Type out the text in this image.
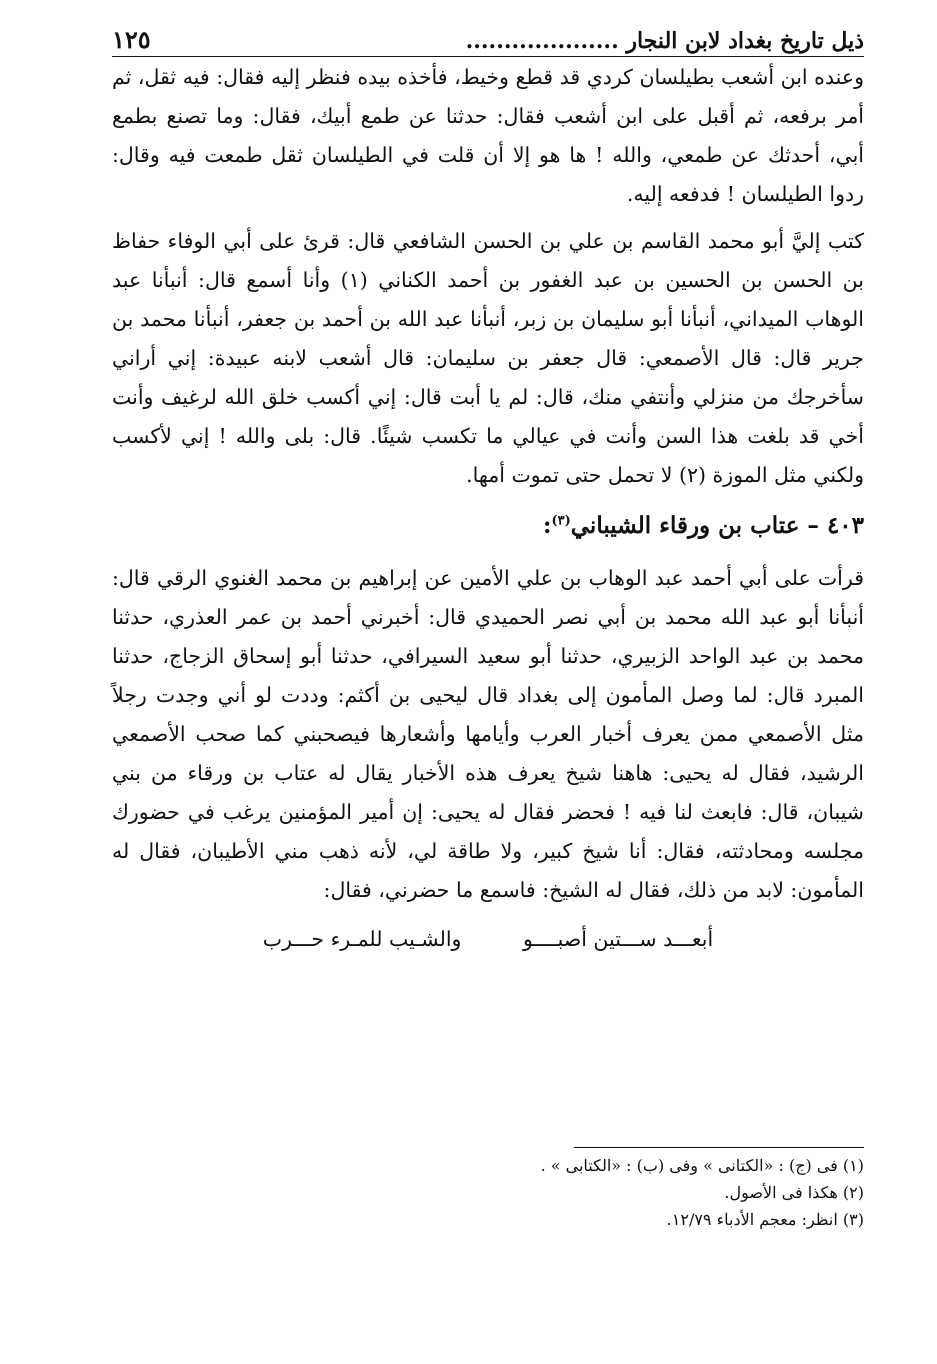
ذيل تاريخ بغداد لابن النجار ....................
١٢٥

وعنده ابن أشعب بطيلسان كردي قد قطع وخيط، فأخذه بيده فنظر إليه فقال: فيه ثقل، ثم أمر برفعه، ثم أقبل على ابن أشعب فقال: حدثنا عن طمع أبيك، فقال: وما تصنع بطمع أبي، أحدثك عن طمعي، والله ! ها هو إلا أن قلت في الطيلسان ثقل طمعت فيه وقال: ردوا الطيلسان ! فدفعه إليه.

كتب إليَّ أبو محمد القاسم بن علي بن الحسن الشافعي قال: قرئ على أبي الوفاء حفاظ بن الحسن بن الحسين بن عبد الغفور بن أحمد الكناني (١) وأنا أسمع قال: أنبأنا عبد الوهاب الميداني، أنبأنا أبو سليمان بن زبر، أنبأنا عبد الله بن أحمد بن جعفر، أنبأنا محمد بن جرير قال: قال الأصمعي: قال جعفر بن سليمان: قال أشعب لابنه عبيدة: إني أراني سأخرجك من منزلي وأنتفي منك، قال: لم يا أبت قال: إني أكسب خلق الله لرغيف وأنت أخي قد بلغت هذا السن وأنت في عيالي ما تكسب شيئًا. قال: بلى والله ! إني لأكسب ولكني مثل الموزة (٢) لا تحمل حتى تموت أمها.

٤٠٣ – عتاب بن ورقاء الشيباني$^{(٣)}$:

قرأت على أبي أحمد عبد الوهاب بن علي الأمين عن إبراهيم بن محمد الغنوي الرقي قال: أنبأنا أبو عبد الله محمد بن أبي نصر الحميدي قال: أخبرني أحمد بن عمر العذري، حدثنا محمد بن عبد الواحد الزبيري، حدثنا أبو سعيد السيرافي، حدثنا أبو إسحاق الزجاج، حدثنا المبرد قال: لما وصل المأمون إلى بغداد قال ليحيى بن أكثم: وددت لو أني وجدت رجلاً مثل الأصمعي ممن يعرف أخبار العرب وأيامها وأشعارها فيصحبني كما صحب الأصمعي الرشيد، فقال له يحيى: هاهنا شيخ يعرف هذه الأخبار يقال له عتاب بن ورقاء من بني شيبان، قال: فابعث لنا فيه ! فحضر فقال له يحيى: إن أمير المؤمنين يرغب في حضورك مجلسه ومحادثته، فقال: أنا شيخ كبير، ولا طاقة لي، لأنه ذهب مني الأطيبان، فقال له المأمون: لابد من ذلك، فقال له الشيخ: فاسمع ما حضرني، فقال:

أبعـــد ســـتين أصبــــو
والشـيب للمـرء حـــرب
(١) فى (ج) : «الكتانى » وفى (ب) : «الكتابى » .
(٢) هكذا فى الأصول.
(٣) انظر: معجم الأدباء ١٢/٧٩.
